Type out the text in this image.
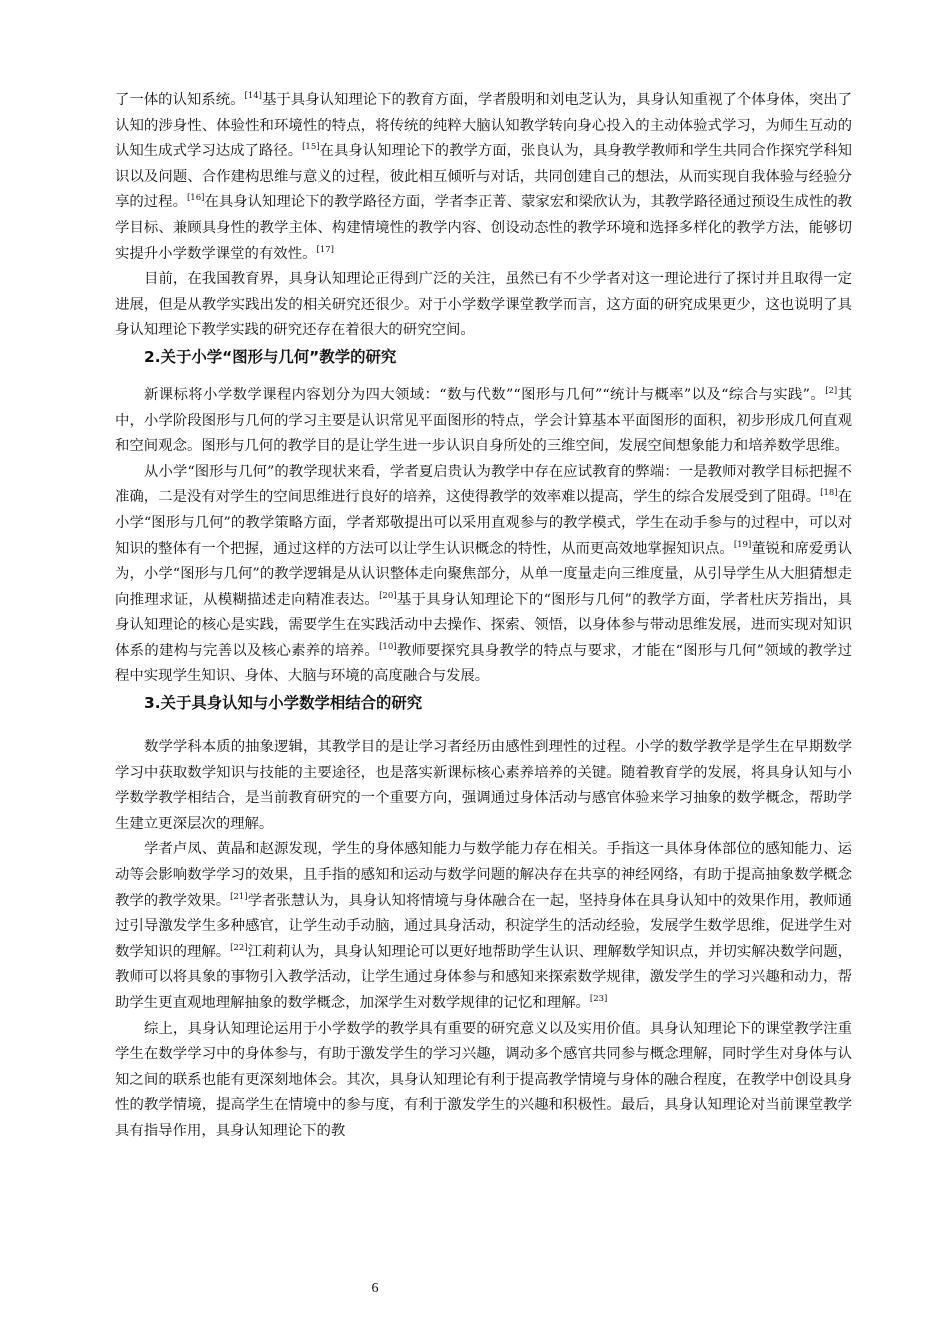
了一体的认知系统。[14]基于具身认知理论下的教育方面，学者殷明和刘电芝认为，具身认知重视了个体身体，突出了认知的涉身性、体验性和环境性的特点，将传统的纯粹大脑认知教学转向身心投入的主动体验式学习，为师生互动的认知生成式学习达成了路径。[15]在具身认知理论下的教学方面，张良认为，具身教学教师和学生共同合作探究学科知识以及问题、合作建构思维与意义的过程，彼此相互倾听与对话，共同创建自己的想法，从而实现自我体验与经验分享的过程。[16]在具身认知理论下的教学路径方面，学者李正菁、蒙家宏和梁欣认为，其教学路径通过预设生成性的教学目标、兼顾具身性的教学主体、构建情境性的教学内容、创设动态性的教学环境和选择多样化的教学方法，能够切实提升小学数学课堂的有效性。[17]

目前，在我国教育界，具身认知理论正得到广泛的关注，虽然已有不少学者对这一理论进行了探讨并且取得一定进展，但是从教学实践出发的相关研究还很少。对于小学数学课堂教学而言，这方面的研究成果更少，这也说明了具身认知理论下教学实践的研究还存在着很大的研究空间。

2.关于小学“图形与几何”教学的研究

新课标将小学数学课程内容划分为四大领域：“数与代数”“图形与几何”“统计与概率”以及“综合与实践”。[2]其中，小学阶段图形与几何的学习主要是认识常见平面图形的特点，学会计算基本平面图形的面积，初步形成几何直观和空间观念。图形与几何的教学目的是让学生进一步认识自身所处的三维空间，发展空间想象能力和培养数学思维。

从小学“图形与几何”的教学现状来看，学者夏启贵认为教学中存在应试教育的弊端：一是教师对教学目标把握不准确，二是没有对学生的空间思维进行良好的培养，这使得教学的效率难以提高，学生的综合发展受到了阻碍。[18]在小学“图形与几何”的教学策略方面，学者郑敬提出可以采用直观参与的教学模式，学生在动手参与的过程中，可以对知识的整体有一个把握，通过这样的方法可以让学生认识概念的特性，从而更高效地掌握知识点。[19]董锐和席爱勇认为，小学“图形与几何”的教学逻辑是从认识整体走向聚焦部分，从单一度量走向三维度量，从引导学生从大胆猜想走向推理求证，从模糊描述走向精准表达。[20]基于具身认知理论下的“图形与几何”的教学方面，学者杜庆芳指出，具身认知理论的核心是实践，需要学生在实践活动中去操作、探索、领悟，以身体参与带动思维发展，进而实现对知识体系的建构与完善以及核心素养的培养。[10]教师要探究具身教学的特点与要求，才能在“图形与几何”领域的教学过程中实现学生知识、身体、大脑与环境的高度融合与发展。

3.关于具身认知与小学数学相结合的研究

数学学科本质的抽象逻辑，其教学目的是让学习者经历由感性到理性的过程。小学的数学教学是学生在早期数学学习中获取数学知识与技能的主要途径，也是落实新课标核心素养培养的关键。随着教育学的发展，将具身认知与小学数学教学相结合，是当前教育研究的一个重要方向，强调通过身体活动与感官体验来学习抽象的数学概念，帮助学生建立更深层次的理解。

学者卢凤、黄晶和赵源发现，学生的身体感知能力与数学能力存在相关。手指这一具体身体部位的感知能力、运动等会影响数学学习的效果，且手指的感知和运动与数学问题的解决存在共享的神经网络，有助于提高抽象数学概念教学的教学效果。[21]学者张慧认为，具身认知将情境与身体融合在一起，坚持身体在具身认知中的效果作用，教师通过引导激发学生多种感官，让学生动手动脑，通过具身活动，积淀学生的活动经验，发展学生数学思维，促进学生对数学知识的理解。[22]江莉莉认为，具身认知理论可以更好地帮助学生认识、理解数学知识点，并切实解决数学问题，教师可以将具象的事物引入教学活动，让学生通过身体参与和感知来探索数学规律，激发学生的学习兴趣和动力，帮助学生更直观地理解抽象的数学概念，加深学生对数学规律的记忆和理解。[23]

综上，具身认知理论运用于小学数学的教学具有重要的研究意义以及实用价值。具身认知理论下的课堂教学注重学生在数学学习中的身体参与，有助于激发学生的学习兴趣，调动多个感官共同参与概念理解，同时学生对身体与认知之间的联系也能有更深刻地体会。其次，具身认知理论有利于提高教学情境与身体的融合程度，在教学中创设具身性的教学情境，提高学生在情境中的参与度，有利于激发学生的兴趣和积极性。最后，具身认知理论对当前课堂教学具有指导作用，具身认知理论下的教

6
